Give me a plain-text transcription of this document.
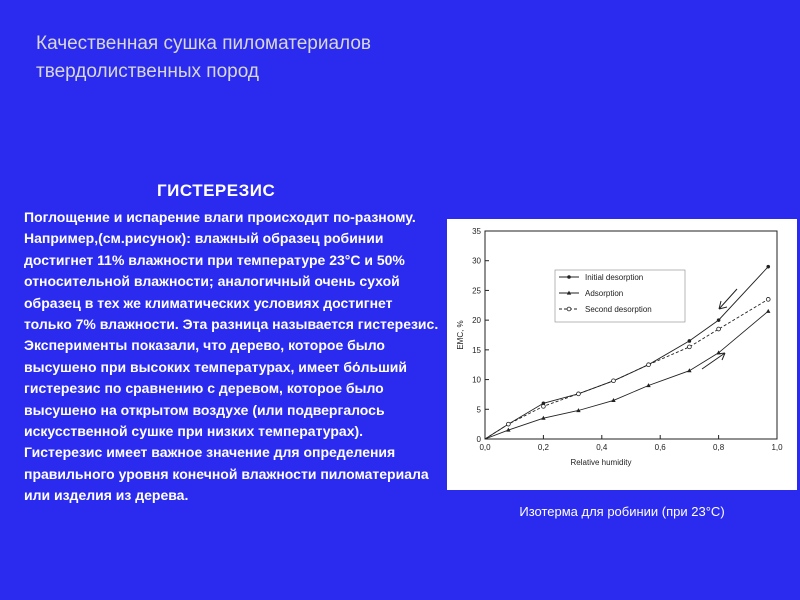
Качественная сушка пиломатериалов
твердолиственных пород
ГИСТЕРЕЗИС

Поглощение и испарение влаги происходит по-разному. Например,(см.рисунок): влажный образец робинии достигнет 11% влажности при температуре 23°С и 50% относительной влажности; аналогичный очень сухой образец в тех же климатических условиях достигнет только 7% влажности. Эта разница называется гистерезис.

Эксперименты показали, что дерево, которое было высушено при высоких температурах, имеет бόльший гистерезис по сравнению с деревом, которое было высушено на открытом воздухе (или подвергалось искусственной сушке при низких температурах).

Гистерезис имеет важное значение для определения правильного уровня конечной влажности пиломатериала или изделия из дерева.

0
5
10
15
20
25
30
35
0,0	0,2	0,4	0,6	0,8	1,0
Relative humidity
EMC, %
Initial desorption
Adsorption
Second desorption
Изотерма для робинии (при 23°С)
